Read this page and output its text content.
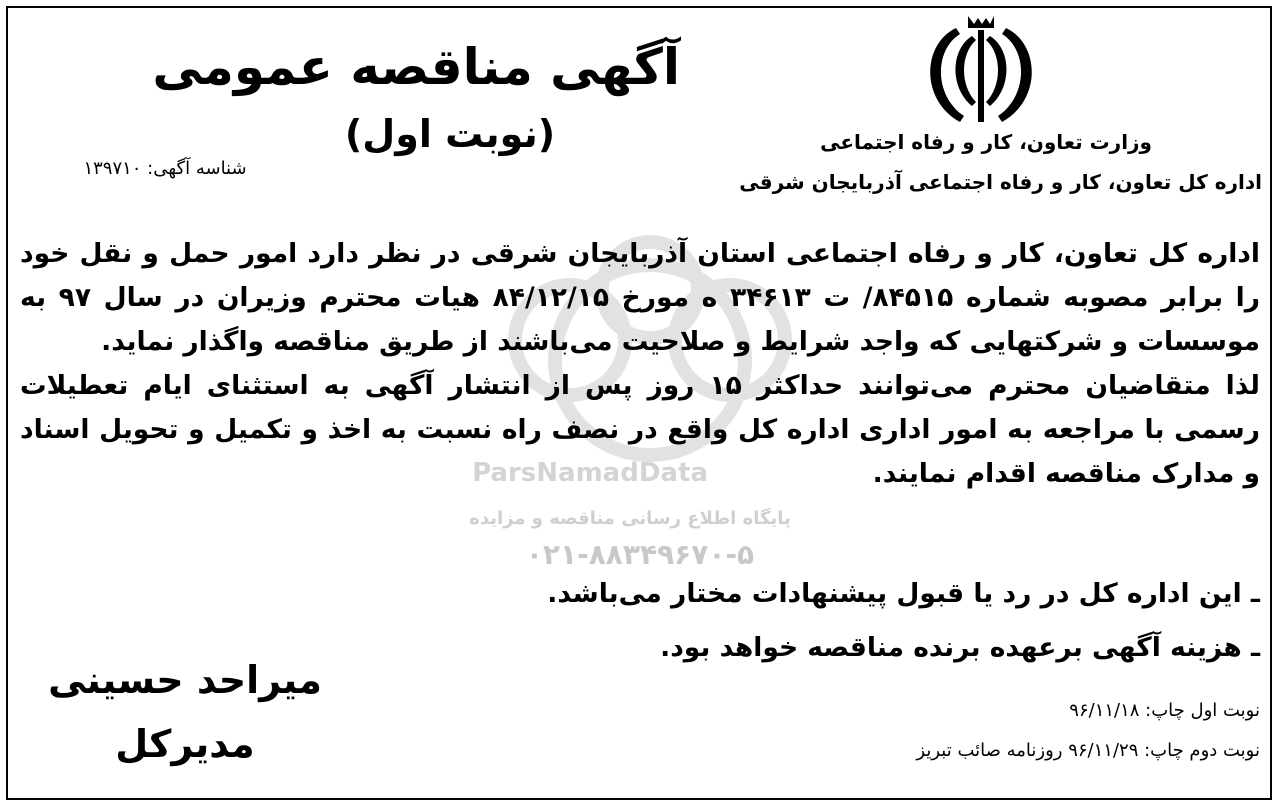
ParsNamadData
پایگاه اطلاع رسانی مناقصه و مزایده
۰۲۱-۸۸۳۴۹۶۷۰-۵
وزارت تعاون، کار و رفاه اجتماعی
اداره کل تعاون، کار و رفاه اجتماعی آذربایجان شرقی
آگهی مناقصه عمومی
(نوبت اول)
شناسه آگهی: ۱۳۹۷۱۰

اداره کل تعاون، کار و رفاه اجتماعی استان آذربایجان شرقی در نظر دارد امور حمل و نقل خود را برابر مصوبه شماره ۸۴۵۱۵/ ت ۳۴۶۱۳ ه مورخ ۸۴/۱۲/۱۵ هیات محترم وزیران در سال ۹۷ به موسسات و شرکتهایی که واجد شرایط و صلاحیت می‌باشند از طریق مناقصه واگذار نماید.

لذا متقاضیان محترم می‌توانند حداکثر ۱۵ روز پس از انتشار آگهی به استثنای ایام تعطیلات رسمی با مراجعه به امور اداری اداره کل واقع در نصف راه نسبت به اخذ و تکمیل و تحویل اسناد و مدارک مناقصه اقدام نمایند.

ـ این اداره کل در رد یا قبول پیشنهادات مختار می‌باشد.
ـ هزینه آگهی برعهده برنده مناقصه خواهد بود.
نوبت اول چاپ: ۹۶/۱۱/۱۸
نوبت دوم چاپ: ۹۶/۱۱/۲۹ روزنامه صائب تبریز
میراحد حسینی
مدیرکل
